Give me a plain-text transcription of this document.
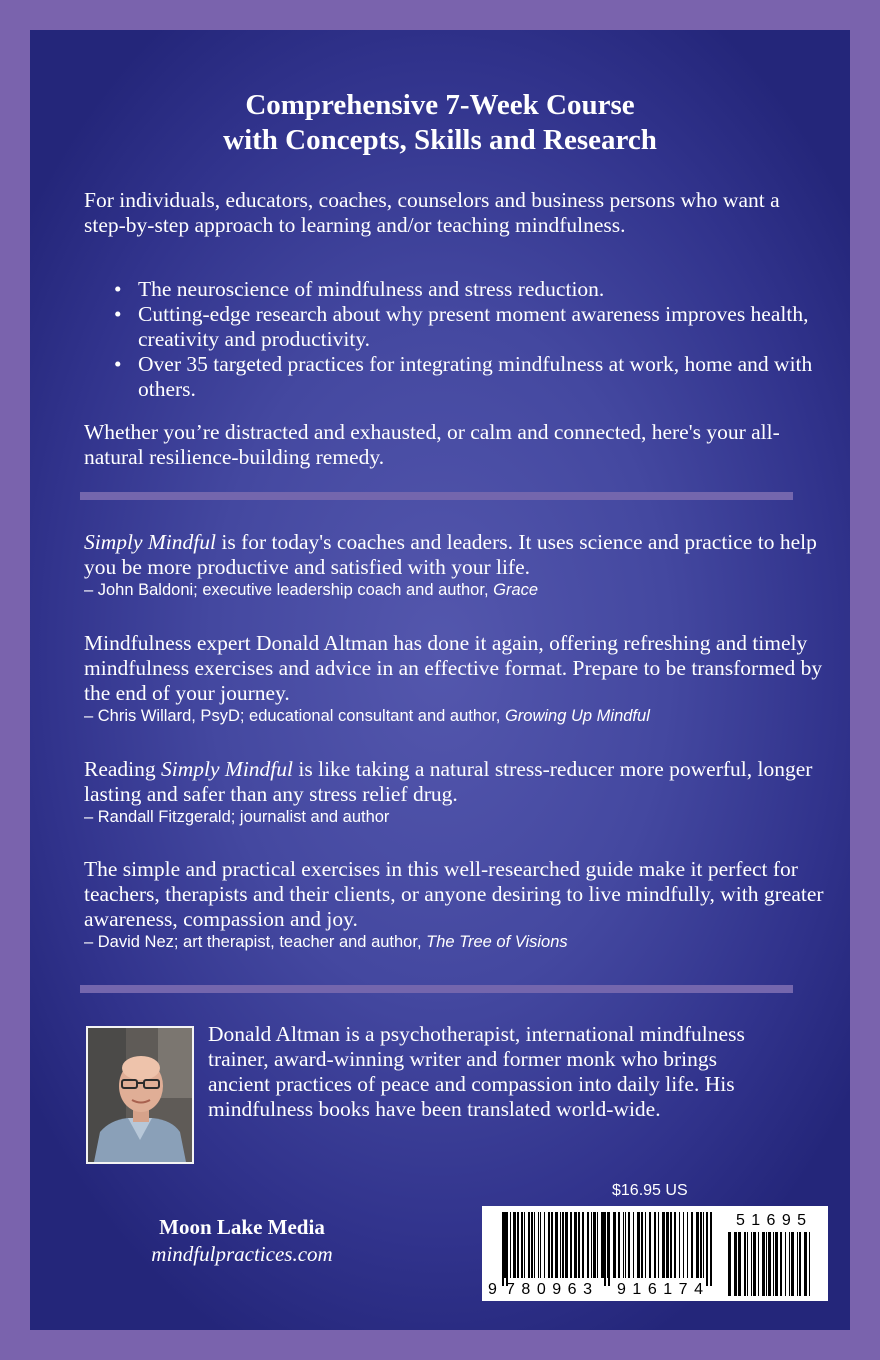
Comprehensive 7-Week Course
with Concepts, Skills and Research
For individuals, educators, coaches, counselors and business persons who want a step-by-step approach to learning and/or teaching mindfulness.
• The neuroscience of mindfulness and stress reduction.
• Cutting-edge research about why present moment awareness improves health, creativity and productivity.
• Over 35 targeted practices for integrating mindfulness at work, home and with others.
Whether you’re distracted and exhausted, or calm and connected, here's your all-natural resilience-building remedy.
Simply Mindful is for today's coaches and leaders. It uses science and practice to help you be more productive and satisfied with your life.
– John Baldoni; executive leadership coach and author, Grace
Mindfulness expert Donald Altman has done it again, offering refreshing and timely mindfulness exercises and advice in an effective format. Prepare to be transformed by the end of your journey.
– Chris Willard, PsyD; educational consultant and author, Growing Up Mindful
Reading Simply Mindful is like taking a natural stress-reducer more powerful, longer lasting and safer than any stress relief drug.
– Randall Fitzgerald; journalist and author
The simple and practical exercises in this well-researched guide make it perfect for teachers, therapists and their clients, or anyone desiring to live mindfully, with greater awareness, compassion and joy.
– David Nez; art therapist, teacher and author, The Tree of Visions
Donald Altman is a psychotherapist, international mindfulness trainer, award-winning writer and former monk who brings ancient practices of peace and compassion into daily life. His mindfulness books have been translated world-wide.
$16.95 US
Moon Lake Media
mindfulpractices.com
9 780963 916174
51695
